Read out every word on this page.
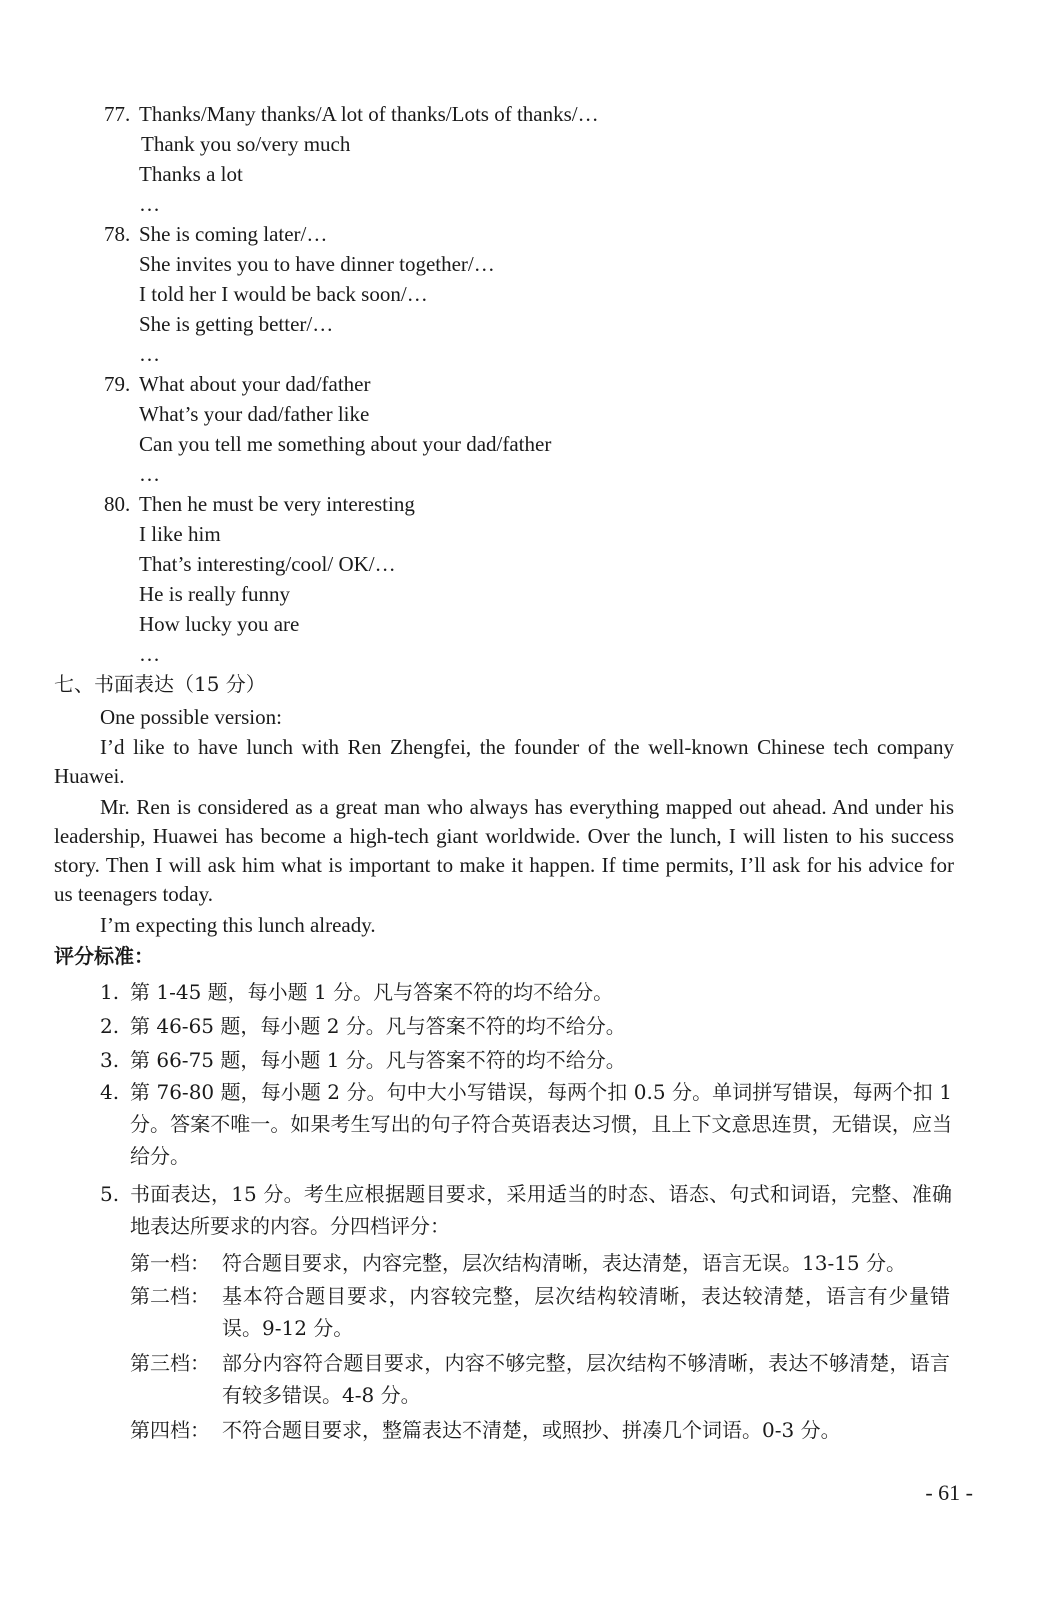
77. Thanks/Many thanks/A lot of thanks/Lots of thanks/…
Thank you so/very much
Thanks a lot
…
78. She is coming later/…
She invites you to have dinner together/…
I told her I would be back soon/…
She is getting better/…
…
79. What about your dad/father
What’s your dad/father like
Can you tell me something about your dad/father
…
80. Then he must be very interesting
I like him
That’s interesting/cool/ OK/…
He is really funny
How lucky you are
…
七、书面表达（15 分）
One possible version:
I’d like to have lunch with Ren Zhengfei, the founder of the well-known Chinese tech company Huawei.
Mr. Ren is considered as a great man who always has everything mapped out ahead. And under his leadership, Huawei has become a high-tech giant worldwide. Over the lunch, I will listen to his success story. Then I will ask him what is important to make it happen. If time permits, I’ll ask for his advice for us teenagers today.
I’m expecting this lunch already.
评分标准：
1. 第 1-45 题，每小题 1 分。凡与答案不符的均不给分。
2. 第 46-65 题，每小题 2 分。凡与答案不符的均不给分。
3. 第 66-75 题，每小题 1 分。凡与答案不符的均不给分。
4. 第 76-80 题，每小题 2 分。句中大小写错误，每两个扣 0.5 分。单词拼写错误，每两个扣 1 分。答案不唯一。如果考生写出的句子符合英语表达习惯，且上下文意思连贯，无错误，应当给分。
5. 书面表达，15 分。考生应根据题目要求，采用适当的时态、语态、句式和词语，完整、准确地表达所要求的内容。分四档评分：
第一档： 符合题目要求，内容完整，层次结构清晰，表达清楚，语言无误。13-15 分。
第二档： 基本符合题目要求，内容较完整，层次结构较清晰，表达较清楚，语言有少量错误。9-12 分。
第三档： 部分内容符合题目要求，内容不够完整，层次结构不够清晰，表达不够清楚，语言有较多错误。4-8 分。
第四档： 不符合题目要求，整篇表达不清楚，或照抄、拼凑几个词语。0-3 分。
- 61 -
